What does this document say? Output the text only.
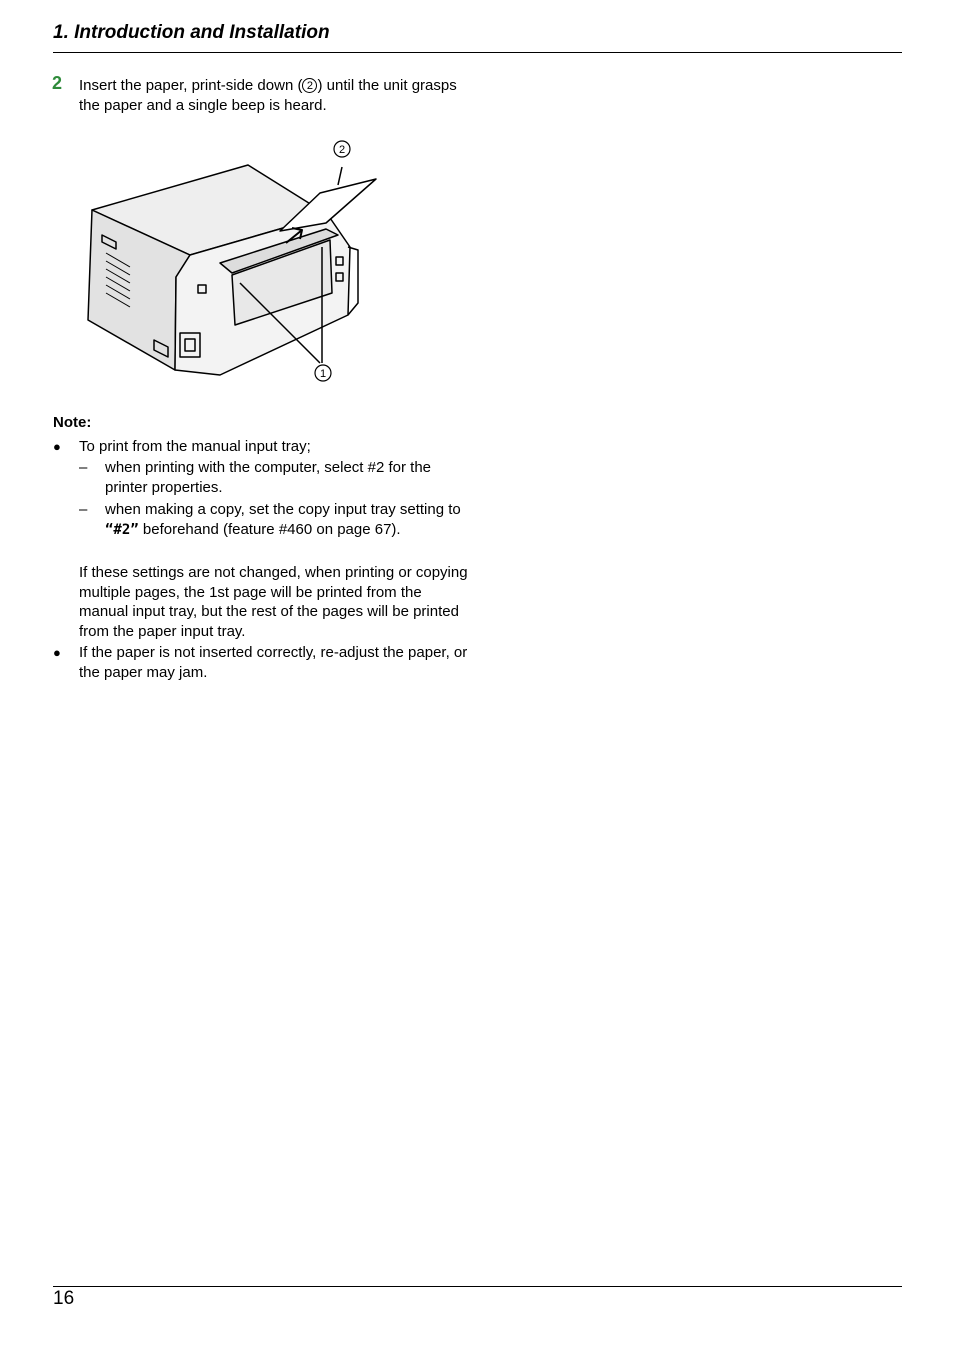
1. Introduction and Installation
2 Insert the paper, print-side down ( 2 ) until the unit grasps the paper and a single beep is heard.
2
1
Note:
● To print from the manual input tray;
– when printing with the computer, select #2 for the printer properties.
– when making a copy, set the copy input tray setting to “#2” beforehand (feature #460 on page 67).
If these settings are not changed, when printing or copying multiple pages, the 1st page will be printed from the manual input tray, but the rest of the pages will be printed from the paper input tray.
● If the paper is not inserted correctly, re-adjust the paper, or the paper may jam.
16
